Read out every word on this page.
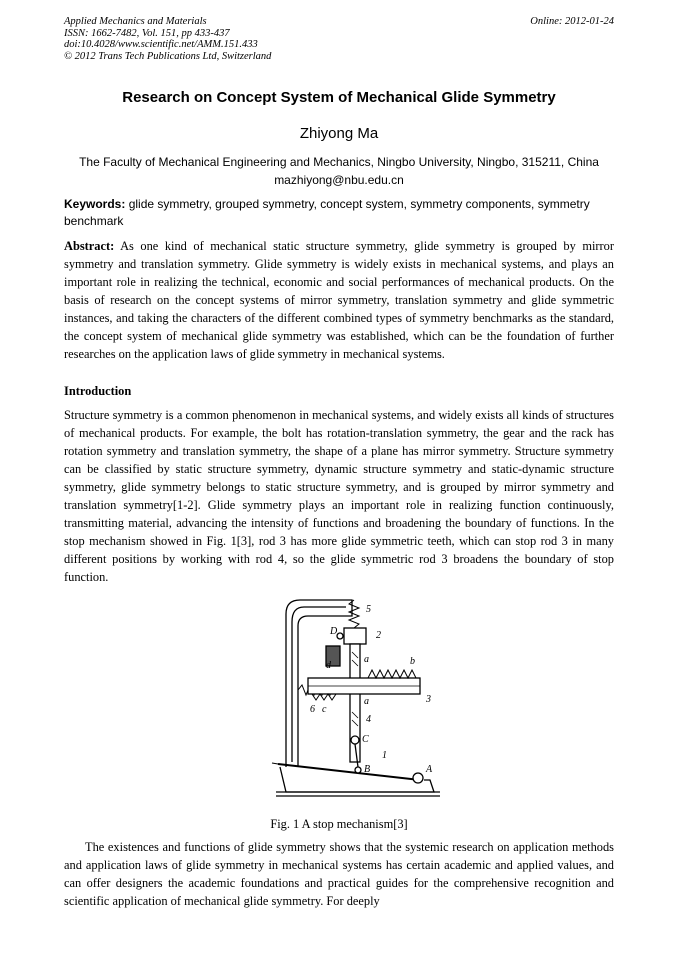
Applied Mechanics and Materials
ISSN: 1662-7482, Vol. 151, pp 433-437
doi:10.4028/www.scientific.net/AMM.151.433
© 2012 Trans Tech Publications Ltd, Switzerland
Online: 2012-01-24
Research on Concept System of Mechanical Glide Symmetry
Zhiyong Ma
The Faculty of Mechanical Engineering and Mechanics, Ningbo University, Ningbo, 315211, China
mazhiyong@nbu.edu.cn
Keywords: glide symmetry, grouped symmetry, concept system, symmetry components, symmetry benchmark
Abstract: As one kind of mechanical static structure symmetry, glide symmetry is grouped by mirror symmetry and translation symmetry. Glide symmetry is widely exists in mechanical systems, and plays an important role in realizing the technical, economic and social performances of mechanical products. On the basis of research on the concept systems of mirror symmetry, translation symmetry and glide symmetric instances, and taking the characters of the different combined types of symmetry benchmarks as the standard, the concept system of mechanical glide symmetry was established, which can be the foundation of further researches on the application laws of glide symmetry in mechanical systems.
Introduction
Structure symmetry is a common phenomenon in mechanical systems, and widely exists all kinds of structures of mechanical products. For example, the bolt has rotation-translation symmetry, the gear and the rack has rotation symmetry and translation symmetry, the shape of a plane has mirror symmetry. Structure symmetry can be classified by static structure symmetry, dynamic structure symmetry and static-dynamic structure symmetry, glide symmetry belongs to static structure symmetry, and is grouped by mirror symmetry and translation symmetry[1-2]. Glide symmetry plays an important role in realizing function continuously, transmitting material, advancing the intensity of functions and broadening the boundary of functions. In the stop mechanism showed in Fig. 1[3], rod 3 has more glide symmetric teeth, which can stop rod 3 in many different positions by working with rod 4, so the glide symmetric rod 3 broadens the boundary of stop function.
5
D	2
d
a	b
6 c
a
4
3
C
1
B	A
Fig. 1 A stop mechanism[3]
The existences and functions of glide symmetry shows that the systemic research on application methods and application laws of glide symmetry in mechanical systems has certain academic and applied values, and can offer designers the academic foundations and practical guides for the comprehensive recognition and scientific application of mechanical glide symmetry. For deeply
